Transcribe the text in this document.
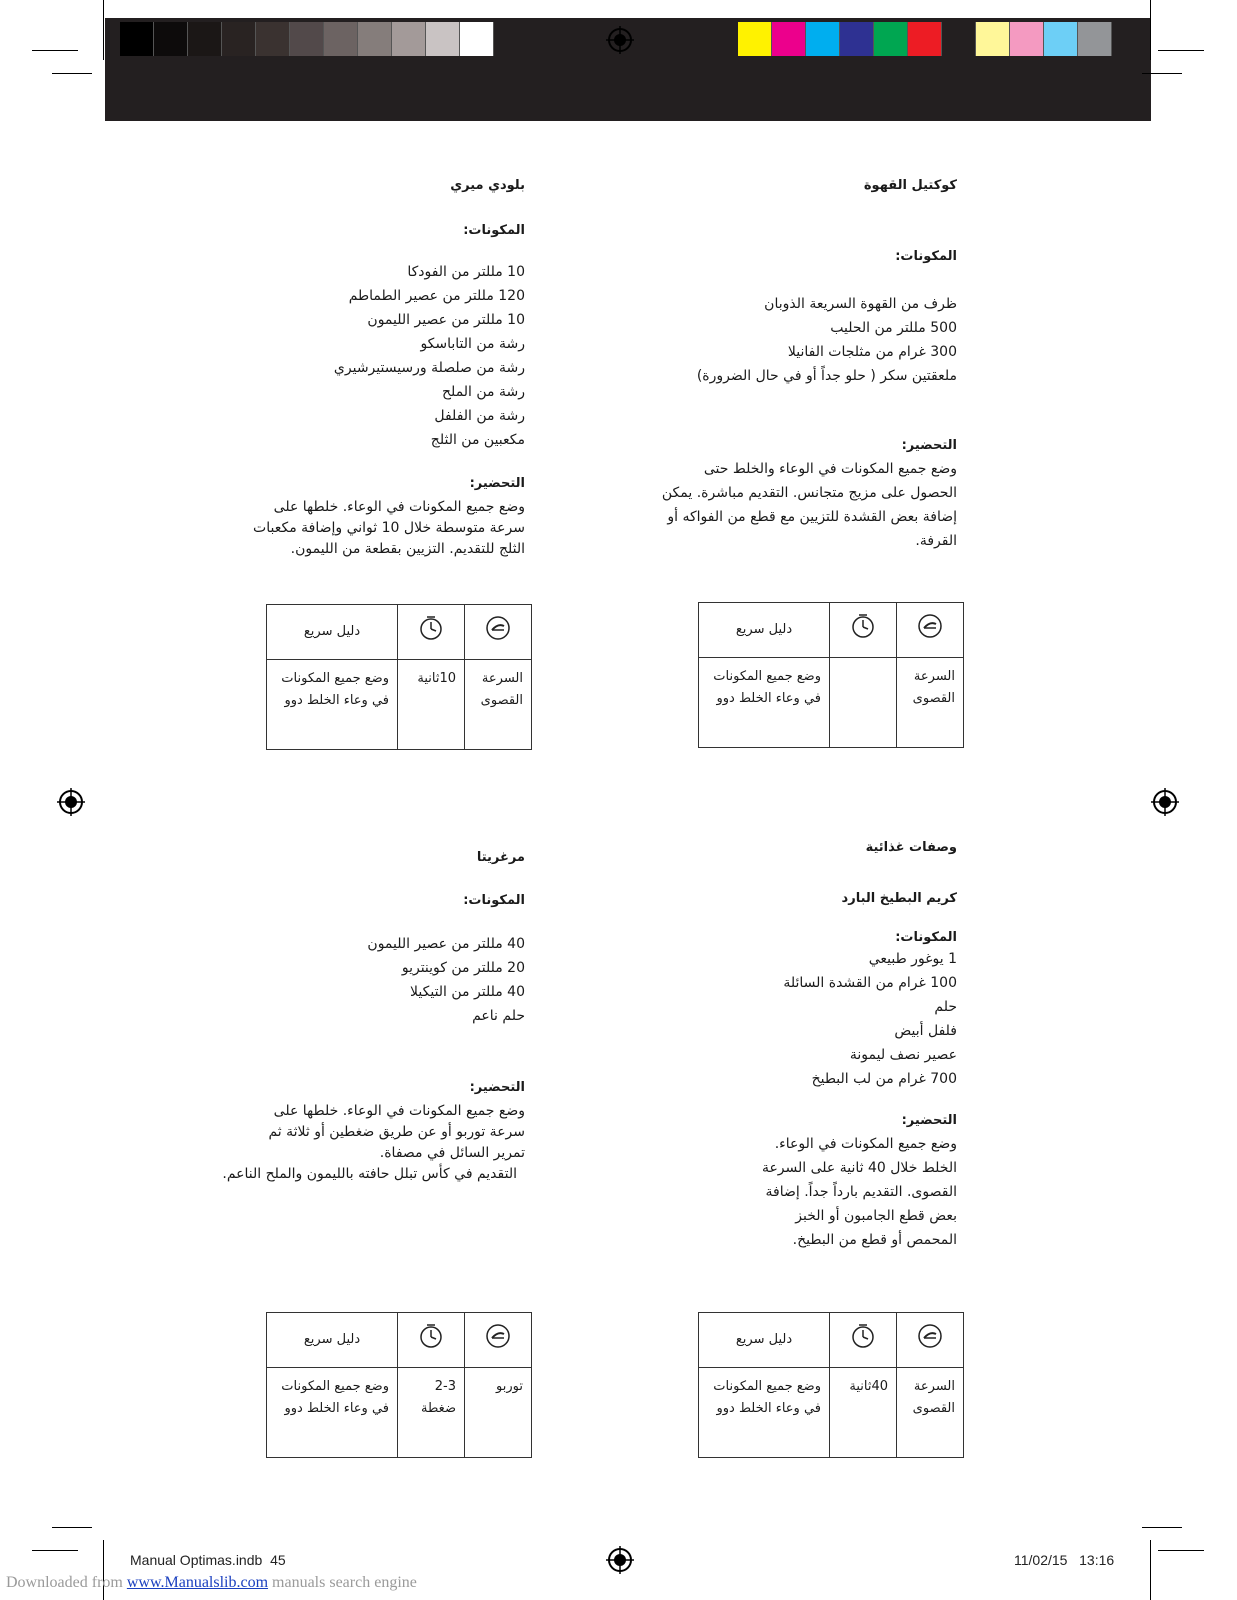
كوكتيل القهوة
المكونات:
ظرف من القهوة السريعة الذوبان
500 مللتر من الحليب
300 غرام من مثلجات الفانيلا
ملعقتين سكر ( حلو جداً أو في حال الضرورة)
التحضير:
وضع جميع المكونات في الوعاء والخلط حتى
الحصول على مزيج متجانس. التقديم مباشرة. يمكن
إضافة بعض القشدة للتزيين مع قطع من الفواكه أو
القرفة.
		دليل سريع
السرعة القصوى		وضع جميع المكونات في وعاء الخلط دوو
بلودي ميري
المكونات:
10 مللتر من الفودكا
120 مللتر من عصير الطماطم
10 مللتر من عصير الليمون
رشة من التاباسكو
رشة من صلصلة ورسيستيرشيري
رشة من الملح
رشة من الفلفل
مكعبين من الثلج
التحضير:
وضع جميع المكونات في الوعاء. خلطها على
سرعة متوسطة خلال 10 ثواني وإضافة مكعبات
الثلج للتقديم. التزيين بقطعة من الليمون.
		دليل سريع
السرعة القصوى	10ثانية	وضع جميع المكونات في وعاء الخلط دوو
وصفات غذائية
كريم البطيخ البارد
المكونات:
1 يوغور طبيعي
100 غرام من القشدة السائلة
حلم
فلفل أبيض
عصير نصف ليمونة
700 غرام من لب البطيخ
التحضير:
وضع جميع المكونات في الوعاء.
الخلط خلال 40 ثانية على السرعة
القصوى. التقديم بارداً جداً. إضافة
بعض قطع الجامبون أو الخبز
المحمص أو قطع من البطيخ.
		دليل سريع
السرعة القصوى	40ثانية	وضع جميع المكونات في وعاء الخلط دوو
مرغريتا
المكونات:
40 مللتر من عصير الليمون
20 مللتر من كوينتريو
40 مللتر من التيكيلا
حلم ناعم
التحضير:
وضع جميع المكونات في الوعاء. خلطها على
سرعة توربو أو عن طريق ضغطين أو ثلاثة ثم
تمرير السائل في مصفاة.
التقديم في كأس تبلل حافته بالليمون والملح الناعم.
		دليل سريع
توربو	2-3 ضغطة	وضع جميع المكونات في وعاء الخلط دوو
Manual Optimas.indb 45	11/02/15 13:16
Downloaded from www.Manualslib.com manuals search engine
